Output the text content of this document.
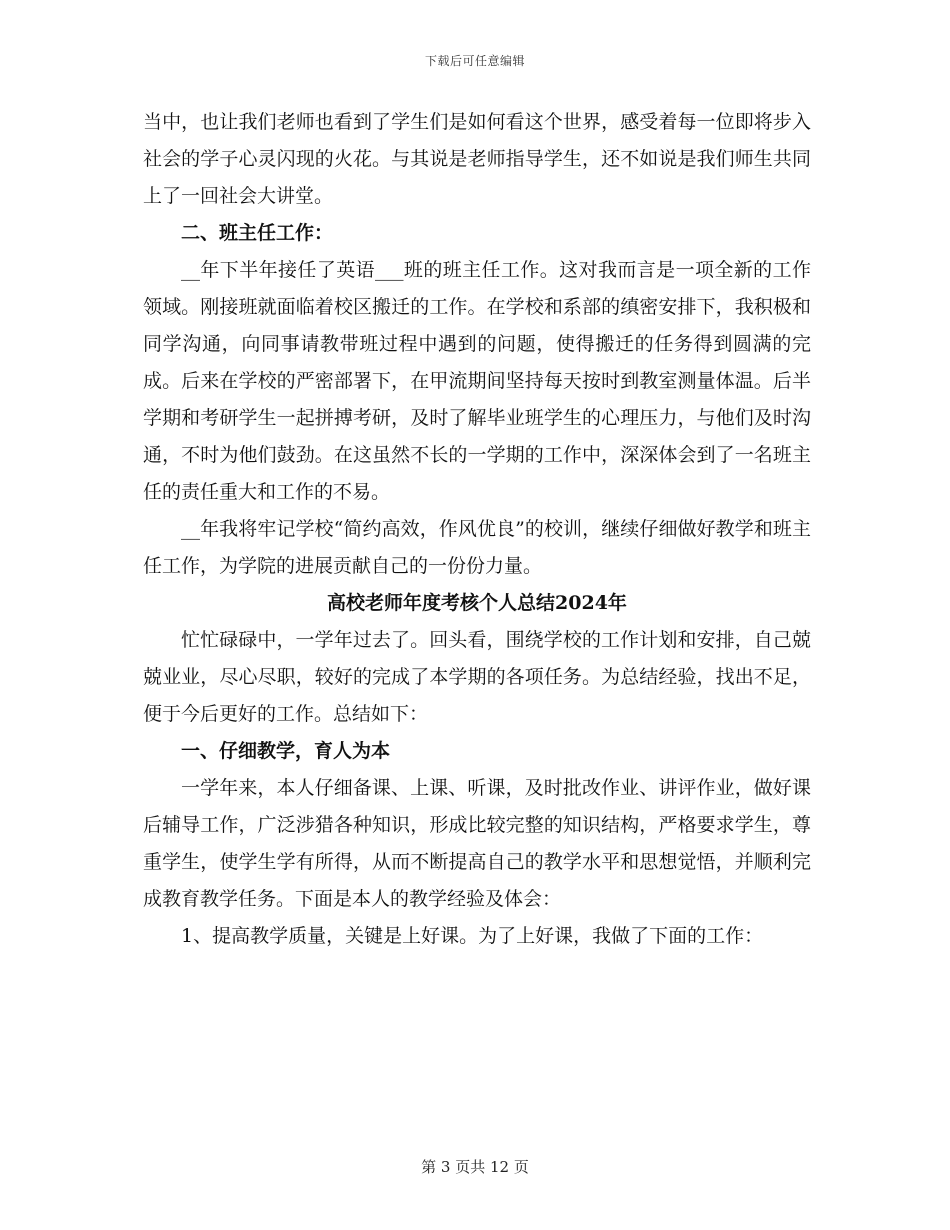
下载后可任意编辑

当中，也让我们老师也看到了学生们是如何看这个世界，感受着每一位即将步入社会的学子心灵闪现的火花。与其说是老师指导学生，还不如说是我们师生共同上了一回社会大讲堂。

二、班主任工作：

__年下半年接任了英语___班的班主任工作。这对我而言是一项全新的工作领域。刚接班就面临着校区搬迁的工作。在学校和系部的缜密安排下，我积极和同学沟通，向同事请教带班过程中遇到的问题，使得搬迁的任务得到圆满的完成。后来在学校的严密部署下，在甲流期间坚持每天按时到教室测量体温。后半学期和考研学生一起拼搏考研，及时了解毕业班学生的心理压力，与他们及时沟通，不时为他们鼓劲。在这虽然不长的一学期的工作中，深深体会到了一名班主任的责任重大和工作的不易。

__年我将牢记学校“简约高效，作风优良”的校训，继续仔细做好教学和班主任工作，为学院的进展贡献自己的一份份力量。

高校老师年度考核个人总结2024年

忙忙碌碌中，一学年过去了。回头看，围绕学校的工作计划和安排，自己兢兢业业，尽心尽职，较好的完成了本学期的各项任务。为总结经验，找出不足，便于今后更好的工作。总结如下：

一、仔细教学，育人为本

一学年来，本人仔细备课、上课、听课，及时批改作业、讲评作业，做好课后辅导工作，广泛涉猎各种知识，形成比较完整的知识结构，严格要求学生，尊重学生，使学生学有所得，从而不断提高自己的教学水平和思想觉悟，并顺利完成教育教学任务。下面是本人的教学经验及体会：

1、提高教学质量，关键是上好课。为了上好课，我做了下面的工作：

第 3 页共 12 页
